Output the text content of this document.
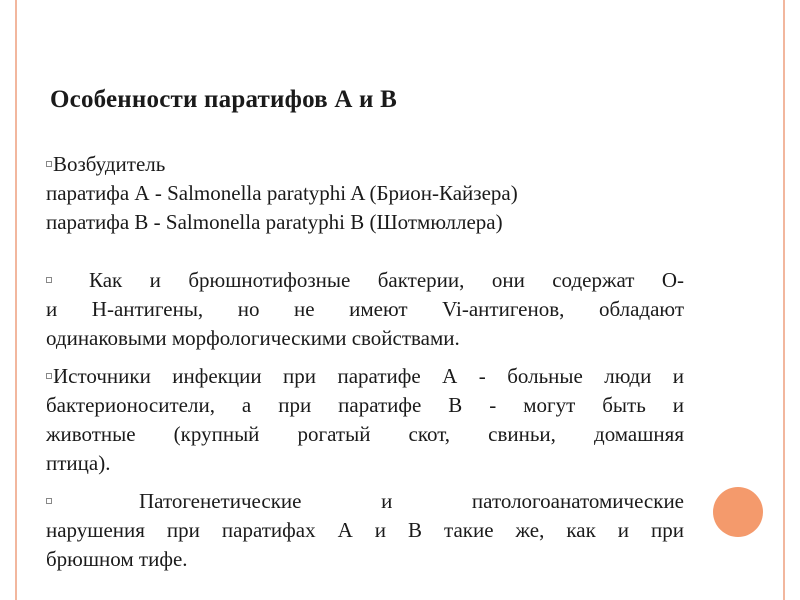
Особенности паратифов А и В
Возбудитель
паратифа А - Salmonella paratyphi A (Брион-Кайзера)
паратифа В - Salmonella paratyphi B (Шотмюллера)
Как и брюшнотифозные бактерии, они содержат О-
и Н-антигены, но не имеют Vi-антигенов, обладают
одинаковыми морфологическими свойствами.
Источники инфекции при паратифе А - больные люди и
бактерионосители, а при паратифе В - могут быть и
животные (крупный рогатый скот, свиньи, домашняя
птица).
Патогенетические и патологоанатомические
нарушения при паратифах А и В такие же, как и при
брюшном тифе.
